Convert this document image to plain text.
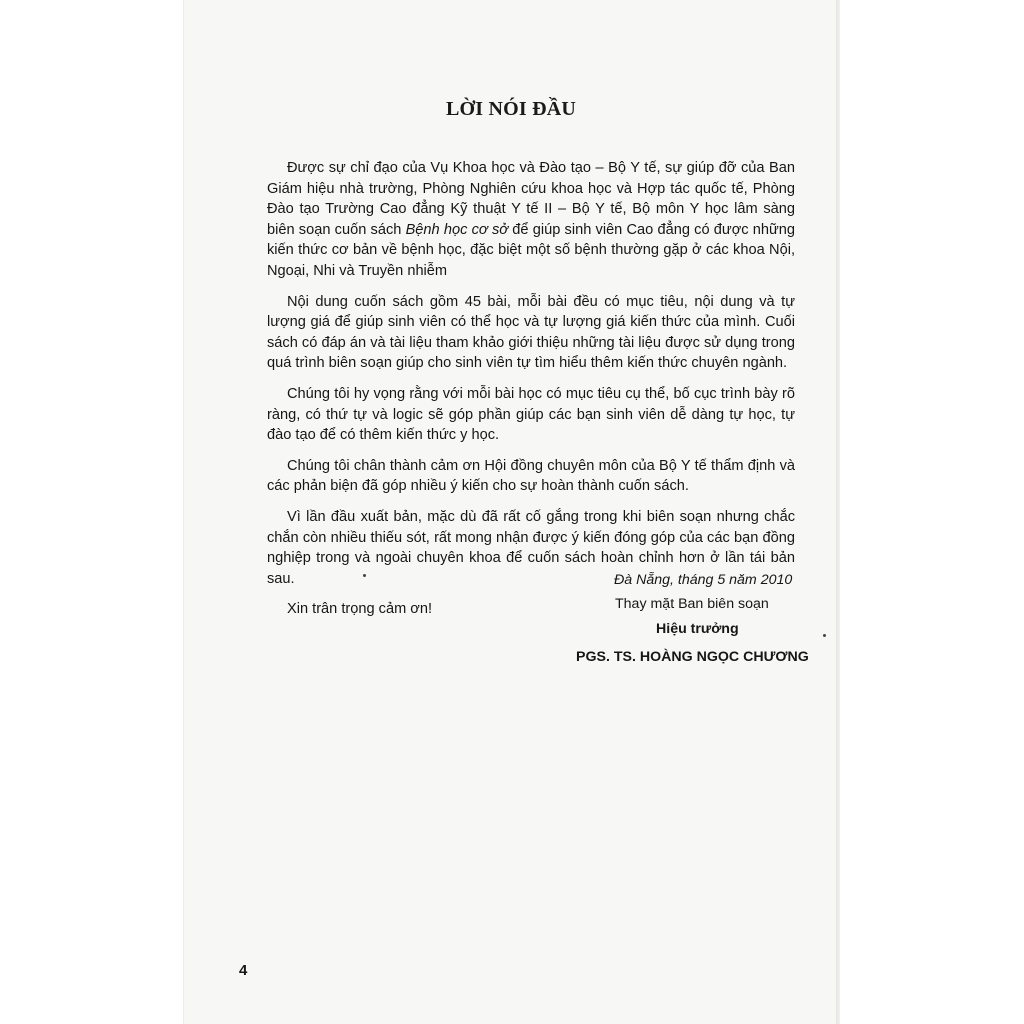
LỜI NÓI ĐẦU

Được sự chỉ đạo của Vụ Khoa học và Đào tạo – Bộ Y tế, sự giúp đỡ của Ban Giám hiệu nhà trường, Phòng Nghiên cứu khoa học và Hợp tác quốc tế, Phòng Đào tạo Trường Cao đẳng Kỹ thuật Y tế II – Bộ Y tế, Bộ môn Y học lâm sàng biên soạn cuốn sách Bệnh học cơ sở để giúp sinh viên Cao đẳng có được những kiến thức cơ bản về bệnh học, đặc biệt một số bệnh thường gặp ở các khoa Nội, Ngoại, Nhi và Truyền nhiễm

Nội dung cuốn sách gồm 45 bài, mỗi bài đều có mục tiêu, nội dung và tự lượng giá để giúp sinh viên có thể học và tự lượng giá kiến thức của mình. Cuối sách có đáp án và tài liệu tham khảo giới thiệu những tài liệu được sử dụng trong quá trình biên soạn giúp cho sinh viên tự tìm hiểu thêm kiến thức chuyên ngành.

Chúng tôi hy vọng rằng với mỗi bài học có mục tiêu cụ thể, bố cục trình bày rõ ràng, có thứ tự và logic sẽ góp phần giúp các bạn sinh viên dễ dàng tự học, tự đào tạo để có thêm kiến thức y học.

Chúng tôi chân thành cảm ơn Hội đồng chuyên môn của Bộ Y tế thẩm định và các phản biện đã góp nhiều ý kiến cho sự hoàn thành cuốn sách.

Vì lần đầu xuất bản, mặc dù đã rất cố gắng trong khi biên soạn nhưng chắc chắn còn nhiều thiếu sót, rất mong nhận được ý kiến đóng góp của các bạn đồng nghiệp trong và ngoài chuyên khoa để cuốn sách hoàn chỉnh hơn ở lần tái bản sau.

Xin trân trọng cảm ơn!

Đà Nẵng, tháng 5 năm 2010
Thay mặt Ban biên soạn
Hiệu trưởng
PGS. TS. HOÀNG NGỌC CHƯƠNG
4
